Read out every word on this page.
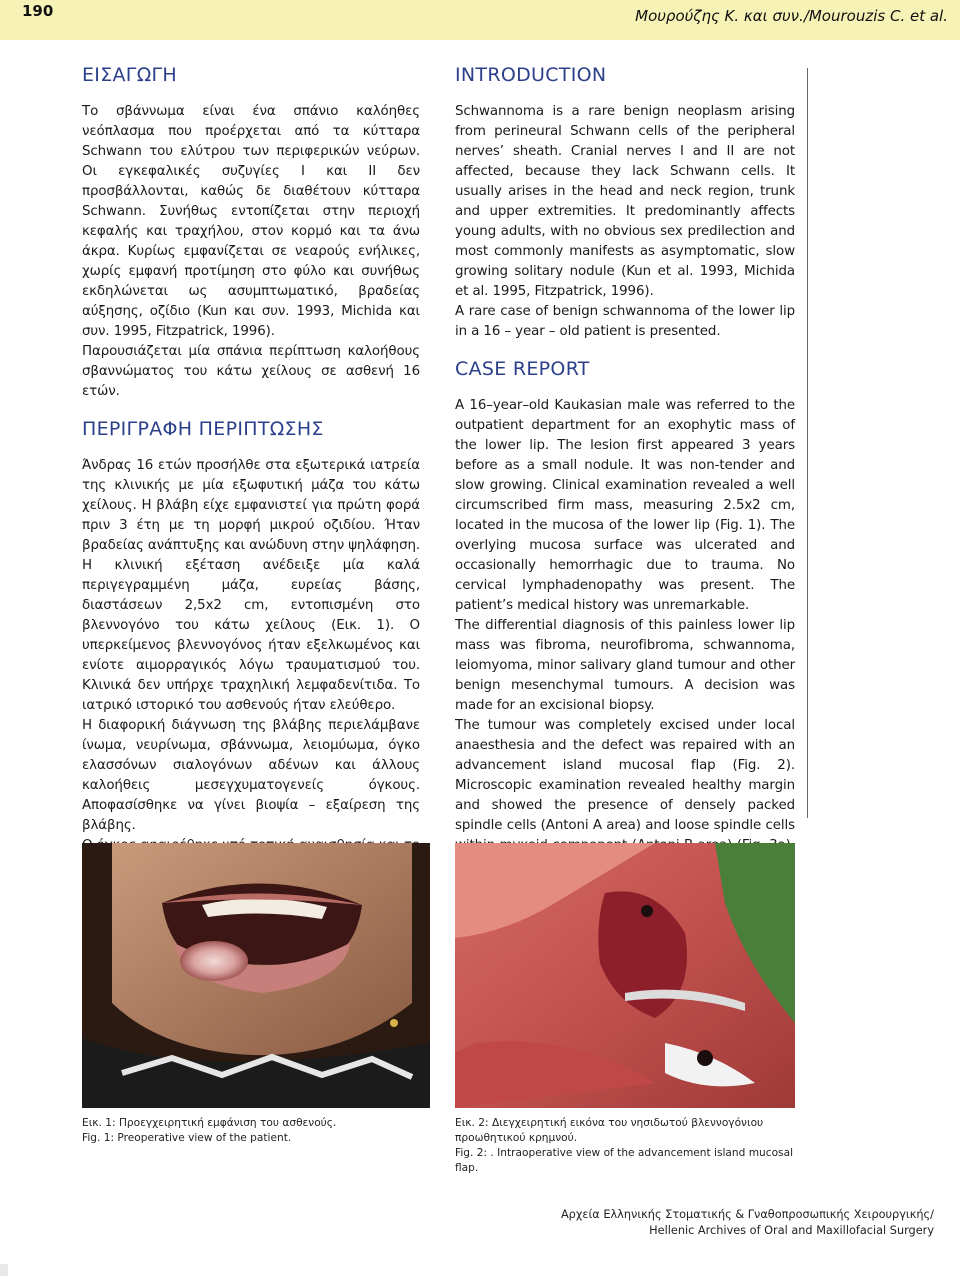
190	Μουρούζης Κ. και συν./Mourouzis C. et al.
ΕΙΣΑΓΩΓΗ

Το σβάννωμα είναι ένα σπάνιο καλόηθες νεόπλασμα που προέρχεται από τα κύτταρα Schwann του ελύτρου των περιφερικών νεύρων. Οι εγκεφαλικές συζυγίες I και II δεν προσβάλλονται, καθώς δε διαθέτουν κύτταρα Schwann. Συνήθως εντοπίζεται στην περιοχή κεφαλής και τραχήλου, στον κορμό και τα άνω άκρα. Κυρίως εμφανίζεται σε νεαρούς ενήλικες, χωρίς εμφανή προτίμηση στο φύλο και συνήθως εκδηλώνεται ως ασυμπτωματικό, βραδείας αύξησης, οζίδιο (Kun και συν. 1993, Michida και συν. 1995, Fitzpatrick, 1996).

Παρουσιάζεται μία σπάνια περίπτωση καλοήθους σβαννώματος του κάτω χείλους σε ασθενή 16 ετών.

ΠΕΡΙΓΡΑΦΗ ΠΕΡΙΠΤΩΣΗΣ

Άνδρας 16 ετών προσήλθε στα εξωτερικά ιατρεία της κλινικής με μία εξωφυτική μάζα του κάτω χείλους. Η βλάβη είχε εμφανιστεί για πρώτη φορά πριν 3 έτη με τη μορφή μικρού οζιδίου. Ήταν βραδείας ανάπτυξης και ανώδυνη στην ψηλάφηση. Η κλινική εξέταση ανέδειξε μία καλά περιγεγραμμένη μάζα, ευρείας βάσης, διαστάσεων 2,5x2 cm, εντοπισμένη στο βλεννογόνο του κάτω χείλους (Εικ. 1). Ο υπερκείμενος βλεννογόνος ήταν εξελκωμένος και ενίοτε αιμορραγικός λόγω τραυματισμού του. Κλινικά δεν υπήρχε τραχηλική λεμφαδενίτιδα. Το ιατρικό ιστορικό του ασθενούς ήταν ελεύθερο.

Η διαφορική διάγνωση της βλάβης περιελάμβανε ίνωμα, νευρίνωμα, σβάννωμα, λειομύωμα, όγκο ελασσόνων σιαλογόνων αδένων και άλλους καλοήθεις μεσεγχυματογενείς όγκους. Αποφασίσθηκε να γίνει βιοψία – εξαίρεση της βλάβης.

INTRODUCTION

Schwannoma is a rare benign neoplasm arising from perineural Schwann cells of the peripheral nerves’ sheath. Cranial nerves I and II are not affected, because they lack Schwann cells. It usually arises in the head and neck region, trunk and upper extremities. It predominantly affects young adults, with no obvious sex predilection and most commonly manifests as asymptomatic, slow growing solitary nodule (Kun et al. 1993, Michida et al. 1995, Fitzpatrick, 1996).

A rare case of benign schwannoma of the lower lip in a 16 – year – old patient is presented.

CASE REPORT

A 16–year–old Kaukasian male was referred to the outpatient department for an exophytic mass of the lower lip. The lesion first appeared 3 years before as a small nodule. It was non-tender and slow growing. Clinical examination revealed a well circumscribed firm mass, measuring 2.5x2 cm, located in the mucosa of the lower lip (Fig. 1). The overlying mucosa surface was ulcerated and occasionally hemorrhagic due to trauma. No cervical lymphadenopathy was present. The patient’s medical history was unremarkable.

The differential diagnosis of this painless lower lip mass was fibroma, neurofibroma, schwannoma, leiomyoma, minor salivary gland tumour and other benign mesenchymal tumours. A decision was made for an excisional biopsy.

The tumour was completely excised under local anaesthesia and the defect was repaired with an advancement island mucosal flap (Fig. 2). Microscopic examination revealed healthy margin and showed the presence of densely packed spindle cells (Antoni A area) and loose spindle cells

Εικ. 1: Προεγχειρητική εμφάνιση του ασθενούς.
Fig. 1: Preoperative view of the patient.
Εικ. 2: Διεγχειρητική εικόνα του νησιδωτού βλεννογόνιου προωθητικού κρημνού.
Fig. 2: . Intraoperative view of the advancement island mucosal flap.
Αρχεία Ελληνικής Στοματικής & Γναθοπροσωπικής Χειρουργικής/
Hellenic Archives of Oral and Maxillofacial Surgery
